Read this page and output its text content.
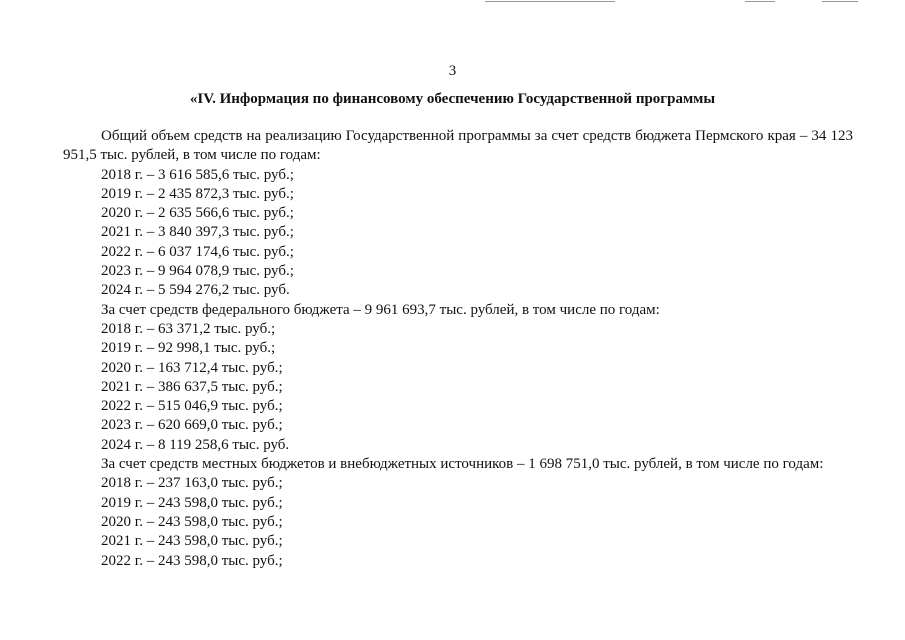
3
«IV. Информация по финансовому обеспечению Государственной программы

Общий объем средств на реализацию Государственной программы за счет средств бюджета Пермского края – 34 123 951,5 тыс. рублей, в том числе по годам:

2018 г. – 3 616 585,6 тыс. руб.;

2019 г. – 2 435 872,3 тыс. руб.;

2020 г. – 2 635 566,6 тыс. руб.;

2021 г. – 3 840 397,3 тыс. руб.;

2022 г. – 6 037 174,6 тыс. руб.;

2023 г. – 9 964 078,9 тыс. руб.;

2024 г. – 5 594 276,2 тыс. руб.

За счет средств федерального бюджета – 9 961 693,7 тыс. рублей, в том числе по годам:

2018 г. – 63 371,2 тыс. руб.;

2019 г. – 92 998,1 тыс. руб.;

2020 г. – 163 712,4 тыс. руб.;

2021 г. – 386 637,5 тыс. руб.;

2022 г. – 515 046,9 тыс. руб.;

2023 г. – 620 669,0 тыс. руб.;

2024 г. – 8 119 258,6 тыс. руб.

За счет средств местных бюджетов и внебюджетных источников – 1 698 751,0 тыс. рублей, в том числе по годам:

2018 г. – 237 163,0 тыс. руб.;

2019 г. – 243 598,0 тыс. руб.;

2020 г. – 243 598,0 тыс. руб.;

2021 г. – 243 598,0 тыс. руб.;

2022 г. – 243 598,0 тыс. руб.;
